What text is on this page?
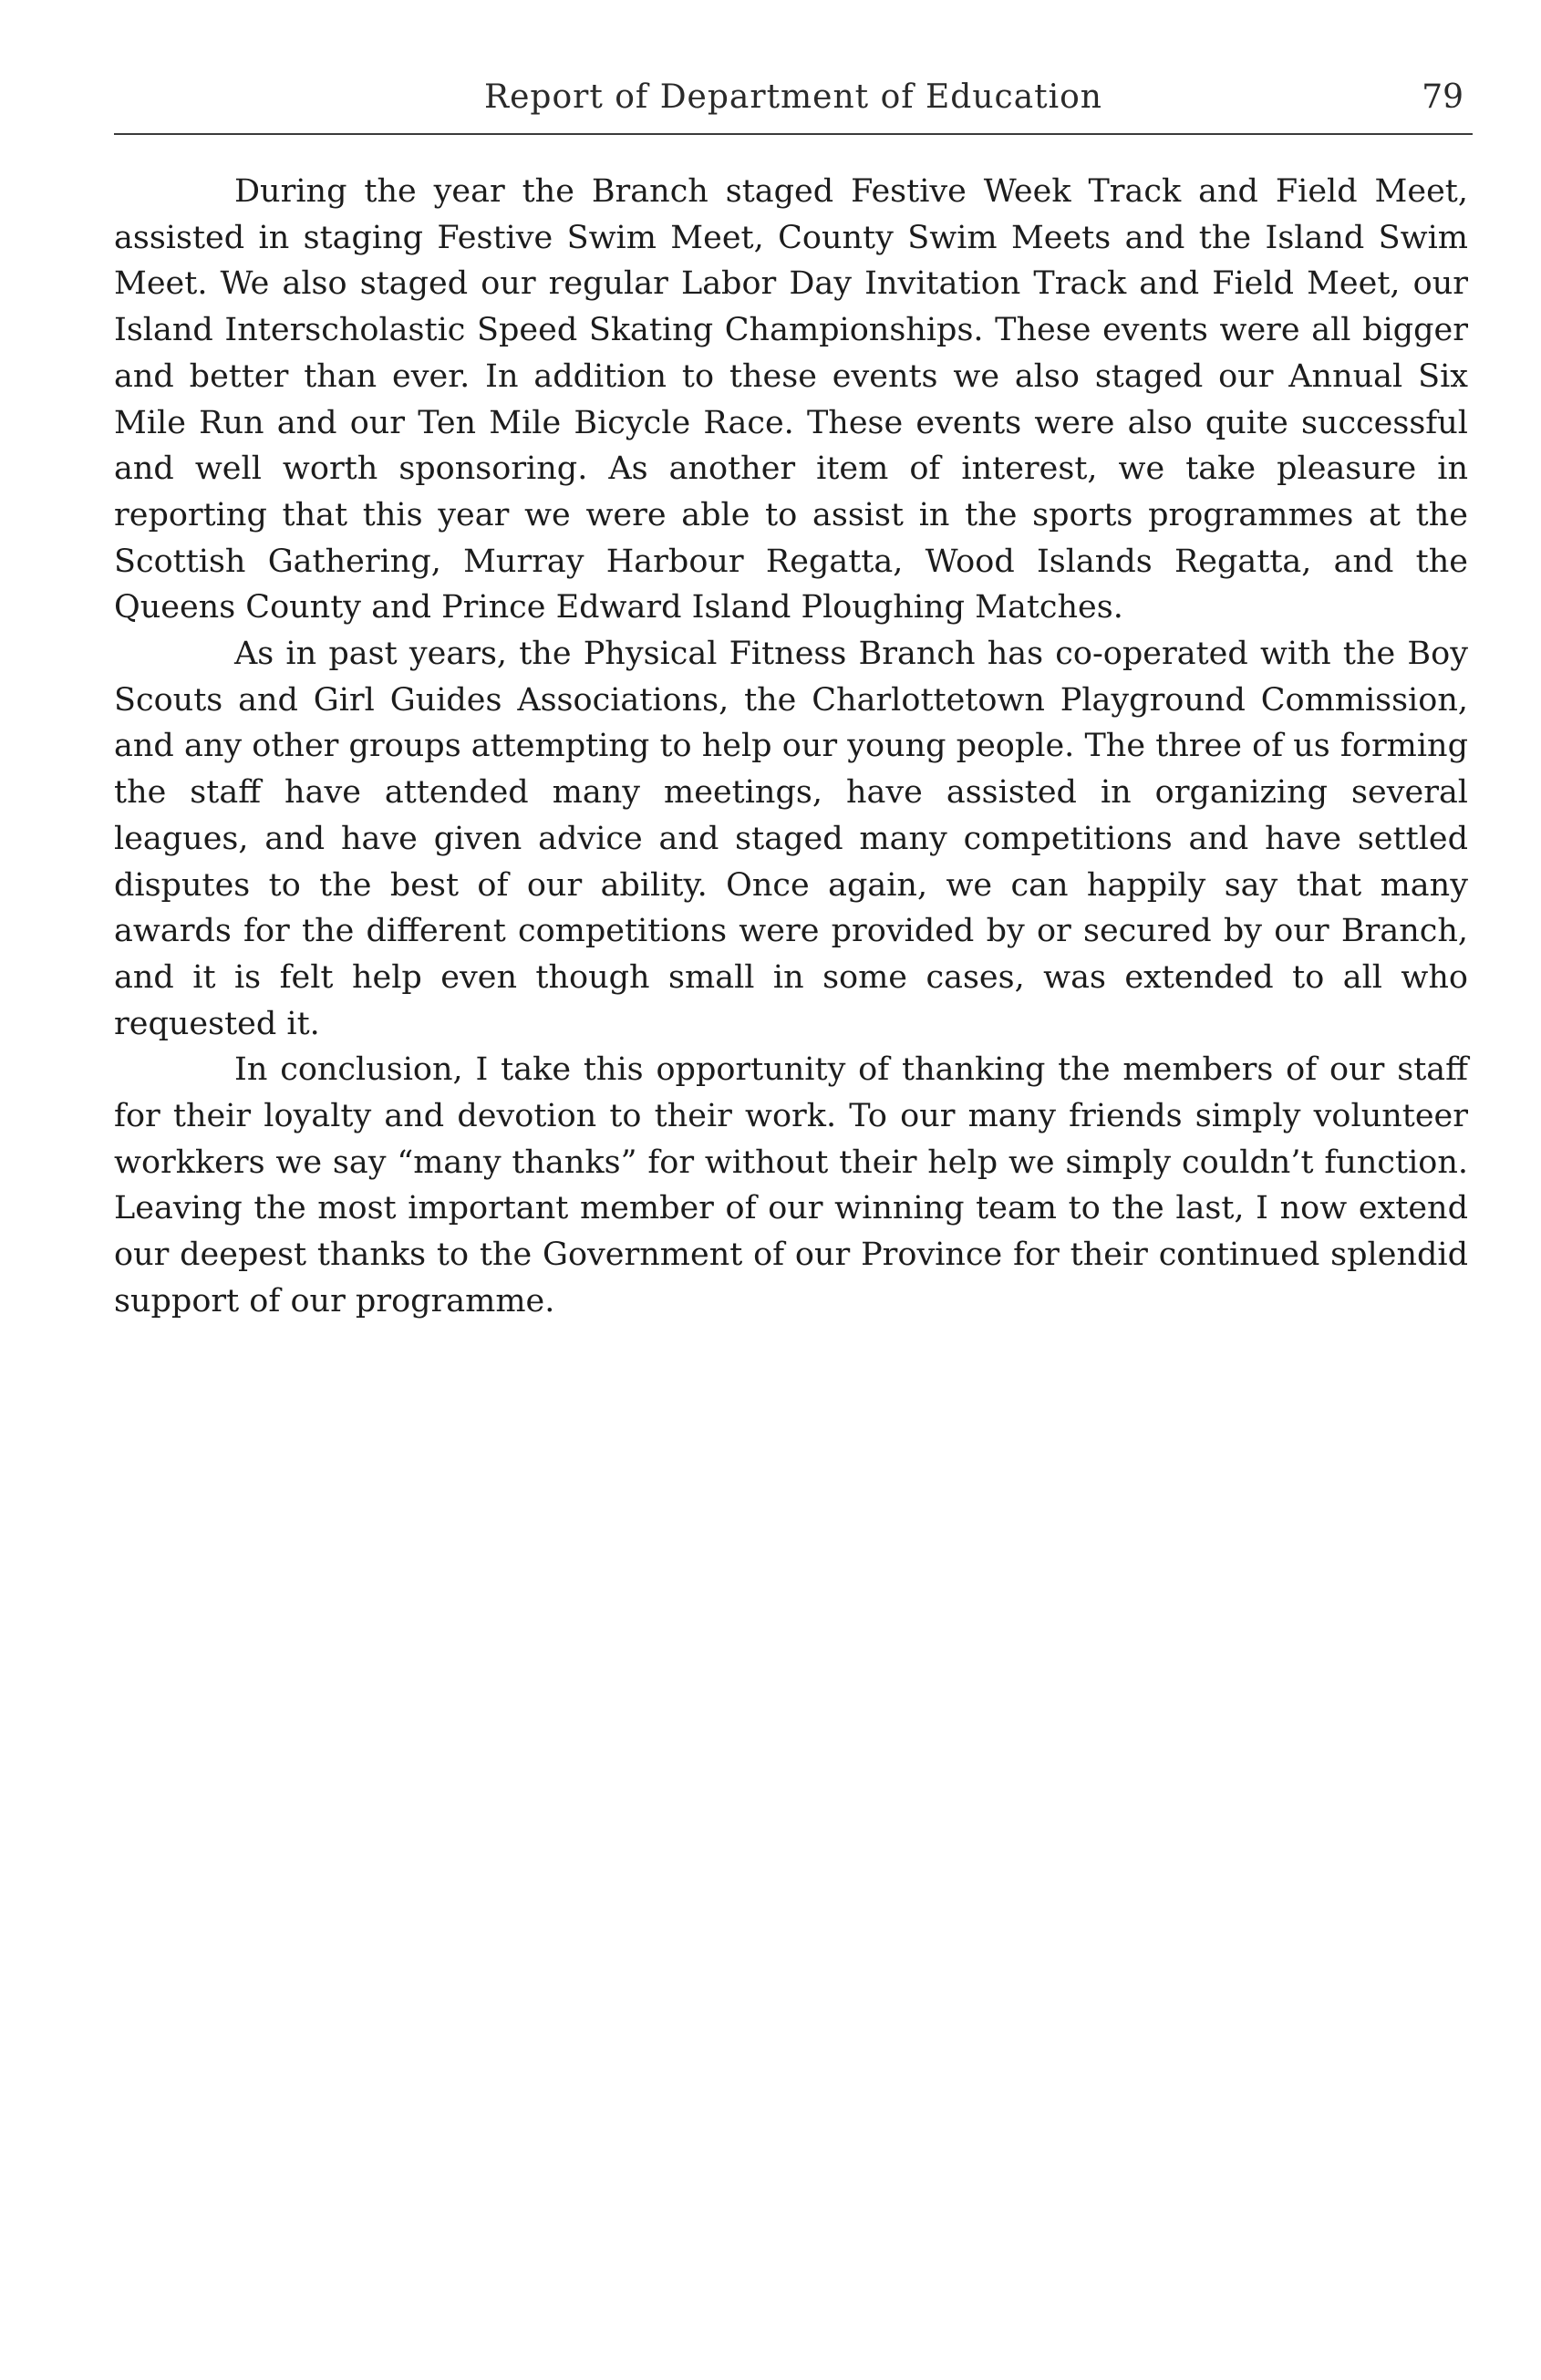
Report of Department of Education	79

During the year the Branch staged Festive Week Track and Field Meet, assisted in staging Festive Swim Meet, County Swim Meets and the Island Swim Meet. We also staged our regular Labor Day Invitation Track and Field Meet, our Island Interscholastic Speed Skating Championships. These events were all bigger and better than ever. In addition to these events we also staged our Annual Six Mile Run and our Ten Mile Bicycle Race. These events were also quite successful and well worth sponsoring. As another item of interest, we take pleasure in reporting that this year we were able to assist in the sports programmes at the Scottish Gathering, Murray Harbour Regatta, Wood Islands Regatta, and the Queens County and Prince Edward Island Ploughing Matches.

As in past years, the Physical Fitness Branch has co-operated with the Boy Scouts and Girl Guides Associations, the Charlottetown Playground Commission, and any other groups attempting to help our young people. The three of us forming the staff have attended many meetings, have assisted in organizing several leagues, and have given advice and staged many competitions and have settled disputes to the best of our ability. Once again, we can happily say that many awards for the different competitions were provided by or secured by our Branch, and it is felt help even though small in some cases, was extended to all who requested it.

In conclusion, I take this opportunity of thanking the members of our staff for their loyalty and devotion to their work. To our many friends simply volunteer workkers we say “many thanks” for without their help we simply couldn’t function. Leaving the most important member of our winning team to the last, I now extend our deepest thanks to the Government of our Province for their continued splendid support of our programme.
